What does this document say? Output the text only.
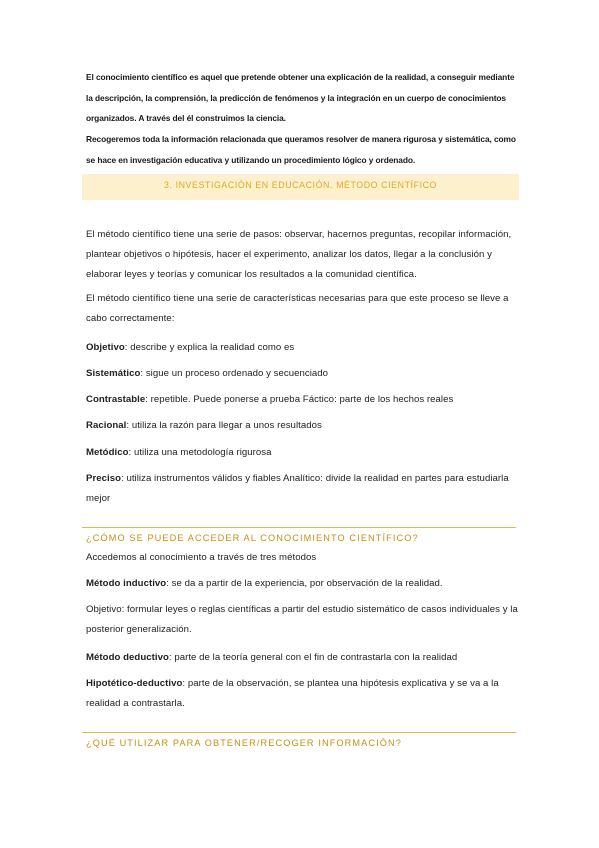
El conocimiento científico es aquel que pretende obtener una explicación de la realidad, a conseguir mediante la descripción, la comprensión, la predicción de fenómenos y la integración en un cuerpo de conocimientos organizados. A través del él construimos la ciencia.

Recogeremos toda la información relacionada que queramos resolver de manera rigurosa y sistemática, como se hace en investigación educativa y utilizando un procedimiento lógico y ordenado.

3. INVESTIGACIÓN EN EDUCACIÓN. MÉTODO CIENTÍFICO

El método científico tiene una serie de pasos: observar, hacernos preguntas, recopilar información, plantear objetivos o hipótesis, hacer el experimento, analizar los datos, llegar a la conclusión y elaborar leyes y teorías y comunicar los resultados a la comunidad científica.

El método científico tiene una serie de características necesarias para que este proceso se lleve a cabo correctamente:

Objetivo: describe y explica la realidad como es

Sistemático: sigue un proceso ordenado y secuenciado

Contrastable: repetible. Puede ponerse a prueba Fáctico: parte de los hechos reales

Racional: utiliza la razón para llegar a unos resultados

Metódico: utiliza una metodología rigurosa

Preciso: utiliza instrumentos válidos y fiables Analítico: divide la realidad en partes para estudiarla mejor

¿CÓMO SE PUEDE ACCEDER AL CONOCIMIENTO CIENTÍFICO?

Accedemos al conocimiento a través de tres métodos

Método inductivo: se da a partir de la experiencia, por observación de la realidad.

Objetivo: formular leyes o reglas científicas a partir del estudio sistemático de casos individuales y la posterior generalización.

Método deductivo: parte de la teoría general con el fin de contrastarla con la realidad

Hipotético-deductivo: parte de la observación, se plantea una hipótesis explicativa y se va a la realidad a contrastarla.

¿QUÉ UTILIZAR PARA OBTENER/RECOGER INFORMACIÓN?
